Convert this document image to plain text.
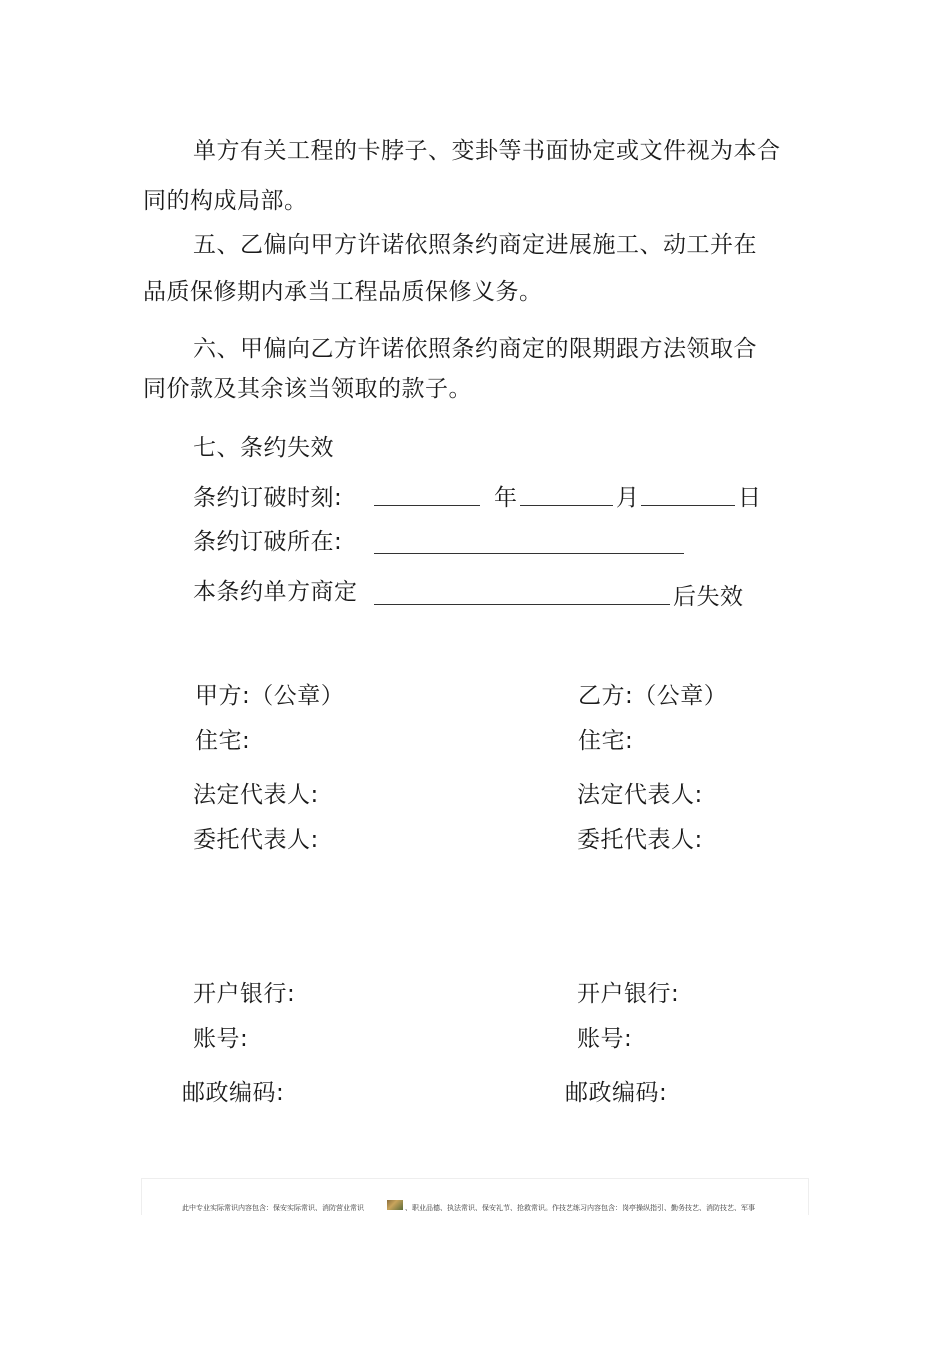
单方有关工程的卡脖子、变卦等书面协定或文件视为本合
同的构成局部。
五、乙偏向甲方许诺依照条约商定进展施工、动工并在
品质保修期内承当工程品质保修义务。
六、甲偏向乙方许诺依照条约商定的限期跟方法领取合
同价款及其余该当领取的款子。
七、条约失效
条约订破时刻:	年	月	日
条约订破所在:
本条约单方商定	后失效
甲方:（公章）
住宅:
法定代表人:
委托代表人:
开户银行:
账号:
邮政编码:
乙方:（公章）
住宅:
法定代表人:
委托代表人:
开户银行:
账号:
邮政编码:
此中专业实际常识内容包含：保安实际常识、消防营业常识	、职业品德、执法常识、保安礼节、抢救常识。作技艺练习内容包含：岗亭操纵指引、勤务技艺、消防技艺、军事
